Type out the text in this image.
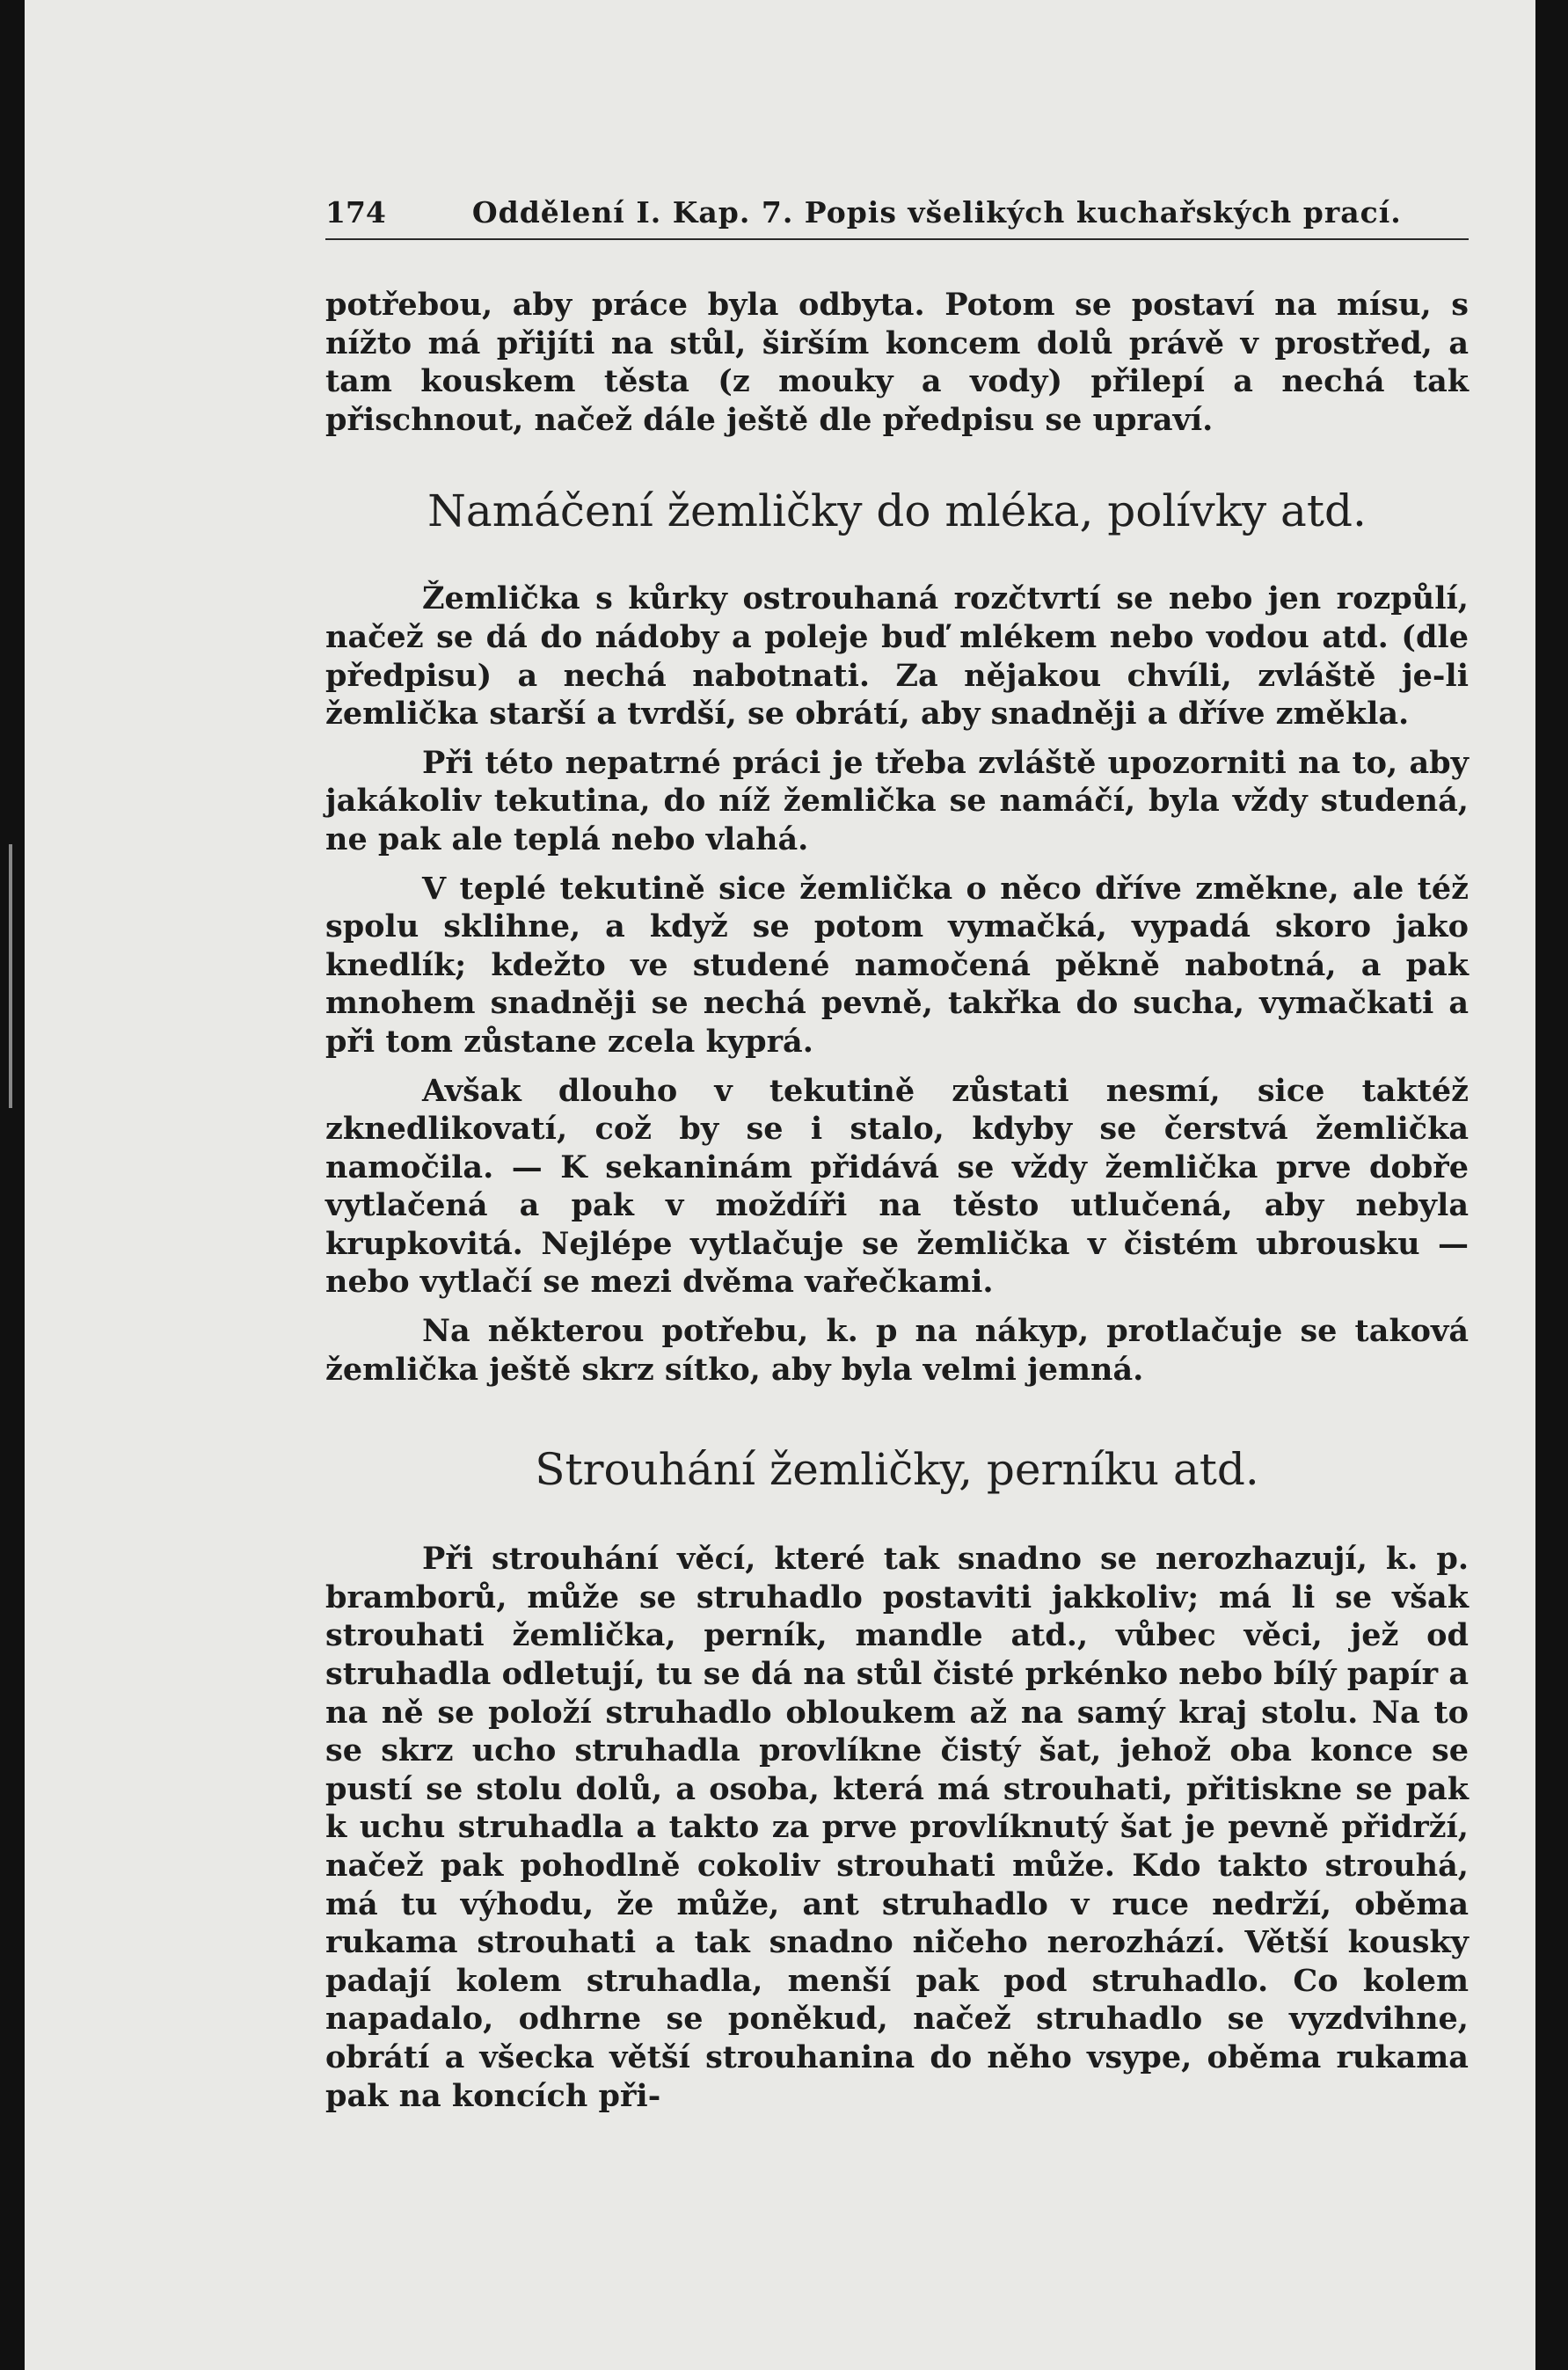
174	Oddělení I. Kap. 7. Popis všelikých kuchařských prací.

potřebou, aby práce byla odbyta. Potom se postaví na mísu, s nížto má přijíti na stůl, širším koncem dolů právě v prostřed, a tam kouskem těsta (z mouky a vody) přilepí a nechá tak přischnout, načež dále ještě dle předpisu se upraví.

Namáčení žemličky do mléka, polívky atd.

Žemlička s kůrky ostrouhaná rozčtvrtí se nebo jen rozpůlí, načež se dá do nádoby a poleje buď mlékem nebo vodou atd. (dle předpisu) a nechá nabotnati. Za nějakou chvíli, zvláště je-li žemlička starší a tvrdší, se obrátí, aby snadněji a dříve změkla.

Při této nepatrné práci je třeba zvláště upozorniti na to, aby jakákoliv tekutina, do níž žemlička se namáčí, byla vždy studená, ne pak ale teplá nebo vlahá.

V teplé tekutině sice žemlička o něco dříve změkne, ale též spolu sklihne, a když se potom vymačká, vypadá skoro jako knedlík; kdežto ve studené namočená pěkně nabotná, a pak mnohem snadněji se nechá pevně, takřka do sucha, vymačkati a při tom zůstane zcela kyprá.

Avšak dlouho v tekutině zůstati nesmí, sice taktéž zknedlikovatí, což by se i stalo, kdyby se čerstvá žemlička namočila. — K sekaninám přidává se vždy žemlička prve dobře vytlačená a pak v moždíři na těsto utlučená, aby nebyla krupkovitá. Nejlépe vytlačuje se žemlička v čistém ubrousku — nebo vytlačí se mezi dvěma vařečkami.

Na některou potřebu, k. p na nákyp, protlačuje se taková žemlička ještě skrz sítko, aby byla velmi jemná.

Strouhání žemličky, perníku atd.

Při strouhání věcí, které tak snadno se nerozhazují, k. p. bramborů, může se struhadlo postaviti jakkoliv; má li se však strouhati žemlička, perník, mandle atd., vůbec věci, jež od struhadla odletují, tu se dá na stůl čisté prkénko nebo bílý papír a na ně se položí struhadlo obloukem až na samý kraj stolu. Na to se skrz ucho struhadla provlíkne čistý šat, jehož oba konce se pustí se stolu dolů, a osoba, která má strouhati, přitiskne se pak k uchu struhadla a takto za prve provlíknutý šat je pevně přidrží, načež pak pohodlně cokoliv strouhati může. Kdo takto strouhá, má tu výhodu, že může, ant struhadlo v ruce nedrží, oběma rukama strouhati a tak snadno ničeho nerozhází. Větší kousky padají kolem struhadla, menší pak pod struhadlo. Co kolem napadalo, odhrne se poněkud, načež struhadlo se vyzdvihne, obrátí a všecka větší strouhanina do něho vsype, oběma rukama pak na koncích při-
